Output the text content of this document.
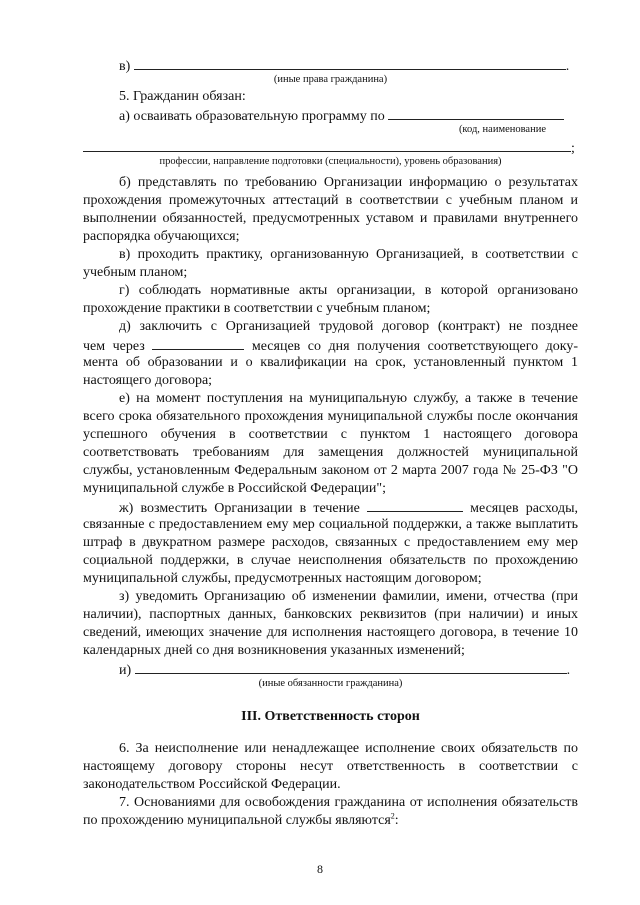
в)	.
(иные права гражданина)
5. Гражданин обязан:
а) осваивать образовательную программу по
(код, наименование
;
профессии, направление подготовки (специальности), уровень образования)

б) представлять по требованию Организации информацию о результатах прохождения промежуточных аттестаций в соответствии с учебным планом и выполнении обязанностей, предусмотренных уставом и правилами внутреннего распорядка обучающихся;

в) проходить практику, организованную Организацией, в соответствии с учебным планом;

г) соблюдать нормативные акты организации, в которой организовано прохождение практики в соответствии с учебным планом;

д) заключить с Организацией трудовой договор (контракт) не позднее
чем через	месяцев со дня получения соответствующего доку-

мента об образовании и о квалификации на срок, установленный пунктом 1 настоящего договора;

е) на момент поступления на муниципальную службу, а также в течение всего срока обязательного прохождения муниципальной службы после окончания успешного обучения в соответствии с пунктом 1 настоящего договора соответствовать требованиям для замещения должностей муниципальной службы, установленным Федеральным законом от 2 марта 2007 года № 25-ФЗ "О муниципальной службе в Российской Федерации";

ж) возместить Организации в течение	месяцев расходы,

связанные с предоставлением ему мер социальной поддержки, а также выплатить штраф в двукратном размере расходов, связанных с предоставлением ему мер социальной поддержки, в случае неисполнения обязательств по прохождению муниципальной службы, предусмотренных настоящим договором;

з) уведомить Организацию об изменении фамилии, имени, отчества (при наличии), паспортных данных, банковских реквизитов (при наличии) и иных сведений, имеющих значение для исполнения настоящего договора, в течение 10 календарных дней со дня возникновения указанных изменений;

и)	.
(иные обязанности гражданина)
III. Ответственность сторон

6. За неисполнение или ненадлежащее исполнение своих обязательств по настоящему договору стороны несут ответственность в соответствии с законодательством Российской Федерации.

7. Основаниями для освобождения гражданина от исполнения обязательств по прохождению муниципальной службы являются$^2$:

8
